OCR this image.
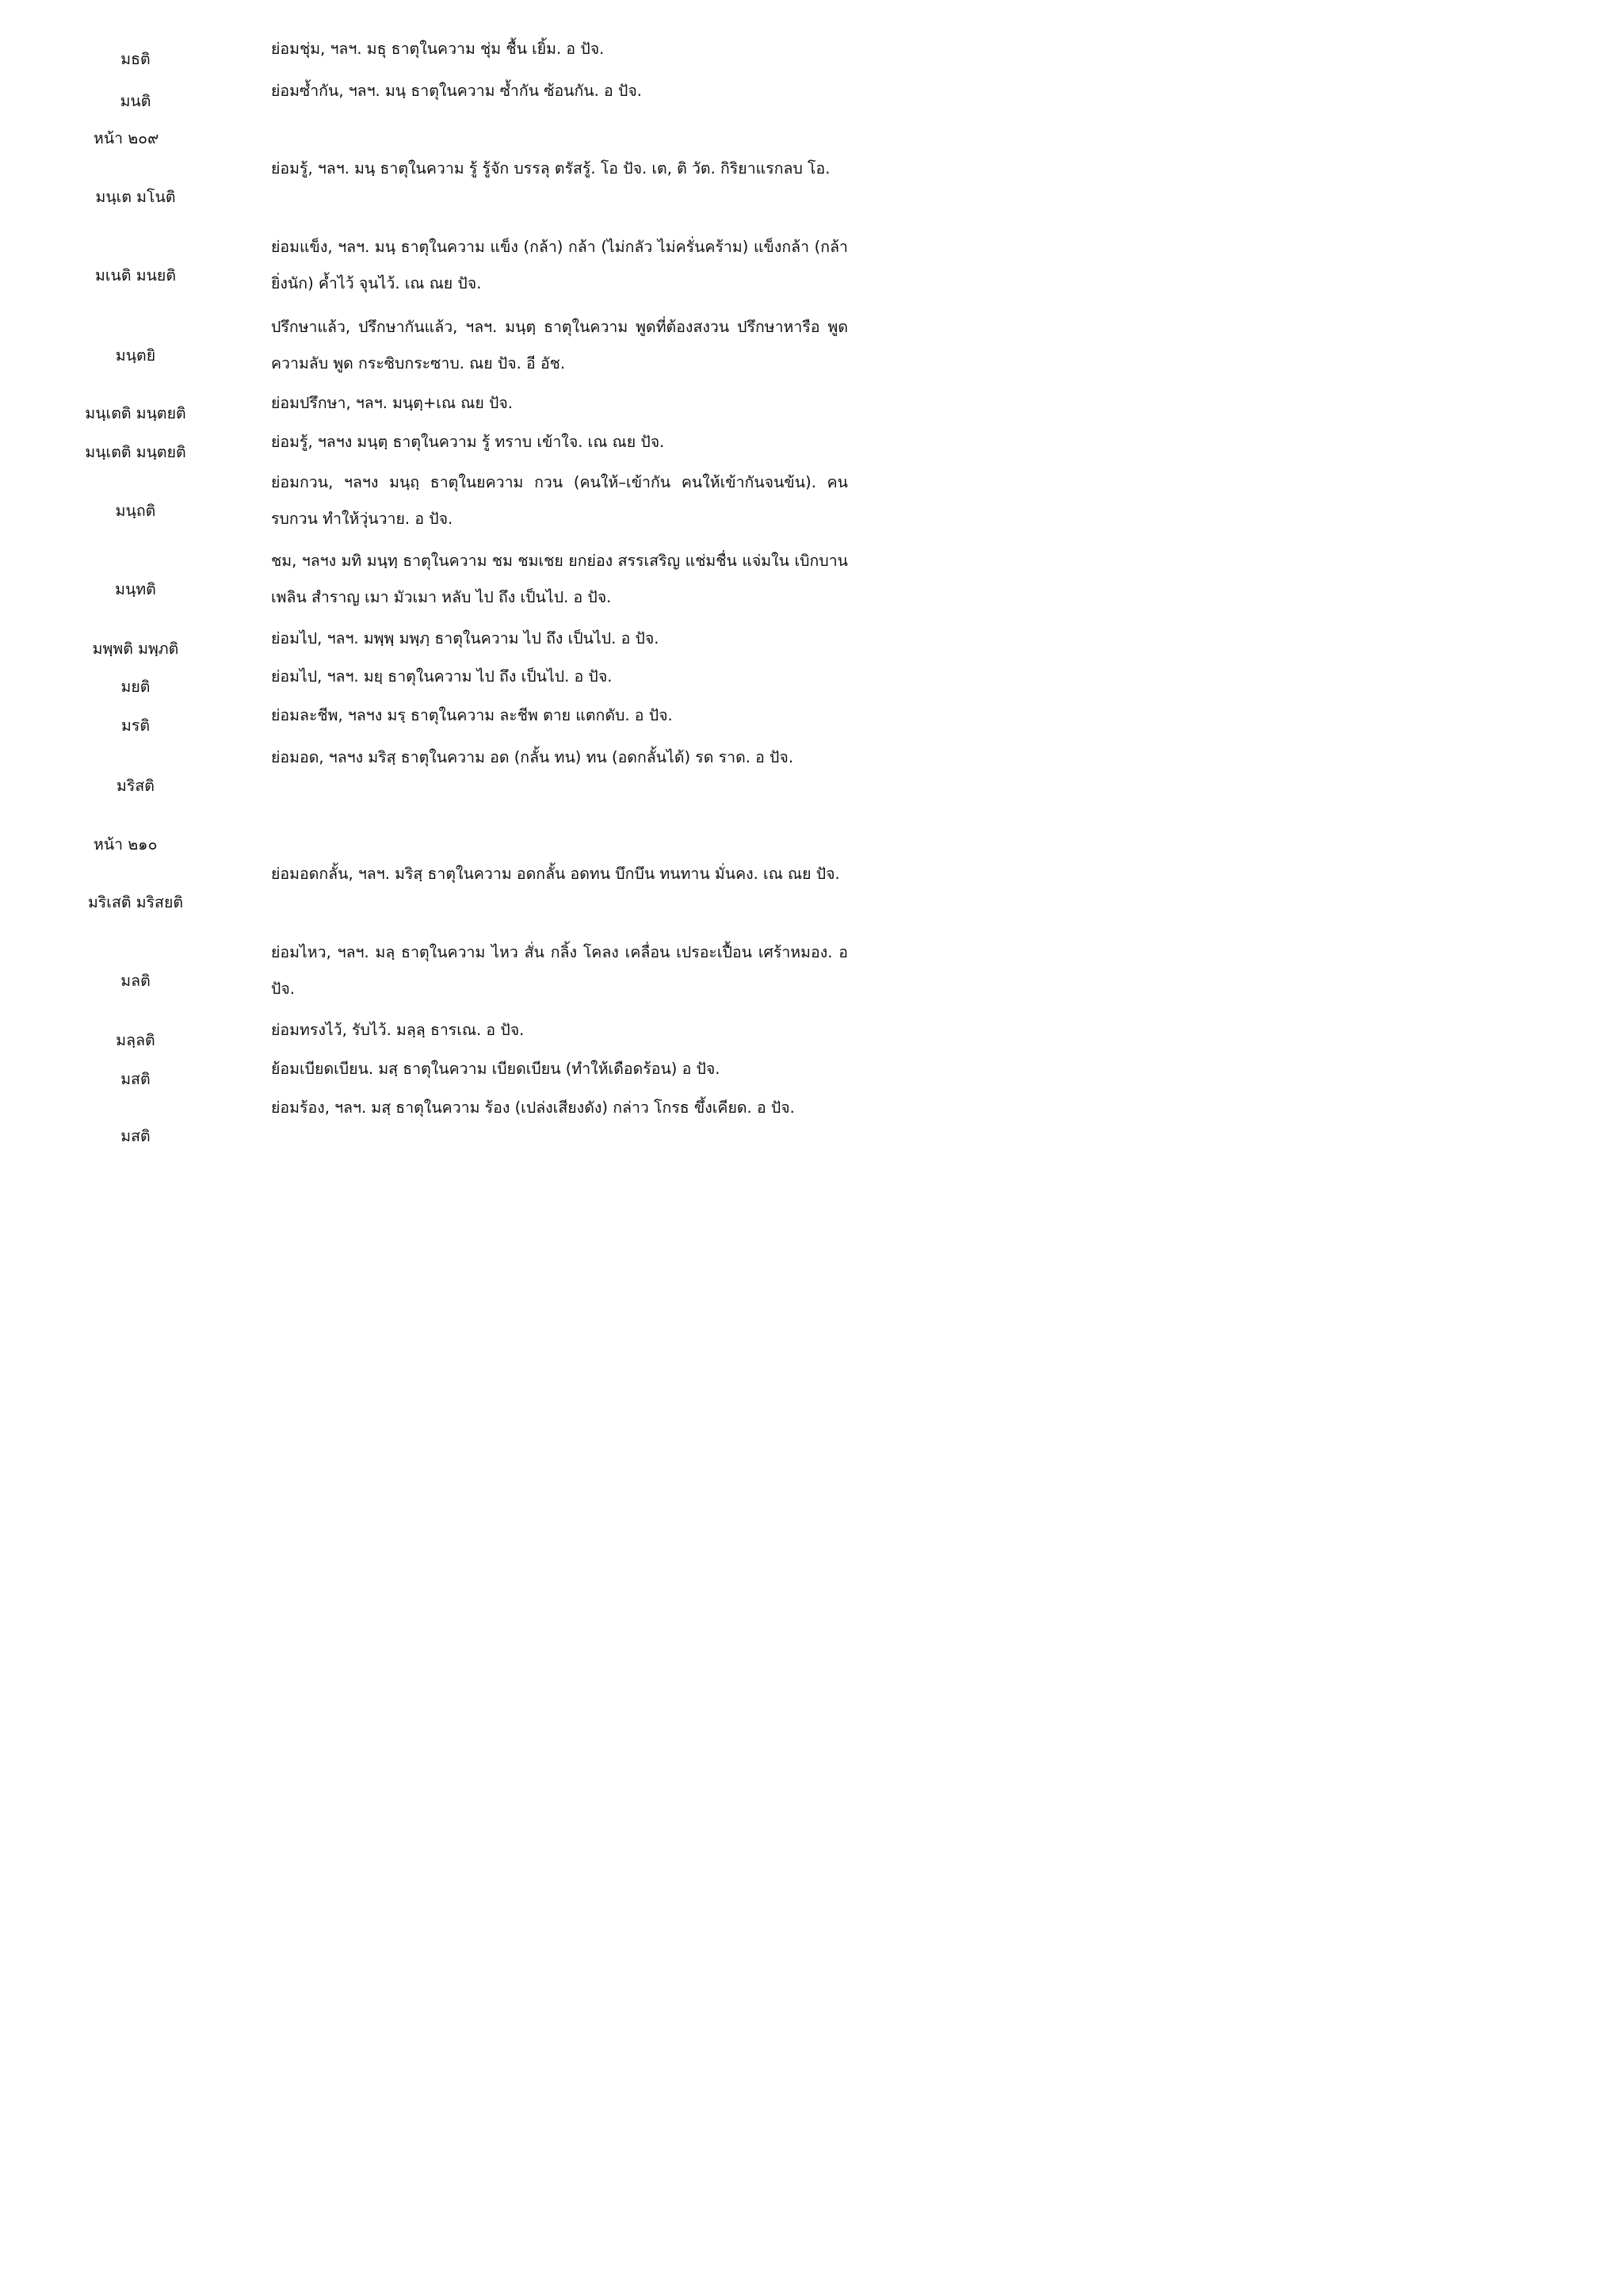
มธติ
ย่อมชุ่ม, ฯลฯ. มธุ ธาตุในความ ชุ่ม ชื้น เยิ้ม. อ ปัจ.
มนติ
ย่อมซ้ำกัน, ฯลฯ. มนฺ ธาตุในความ ซ้ำกัน ซ้อนกัน. อ ปัจ.
หน้า ๒๐๙
มนฺเต มโนติ
ย่อมรู้, ฯลฯ. มนฺ ธาตุในความ รู้ รู้จัก บรรลุ ตรัสรู้. โอ ปัจ. เต, ติ วัต. กิริยาแรกลบ โอ.
มเนติ มนยติ
ย่อมแข็ง, ฯลฯ. มนฺ ธาตุในความ แข็ง (กล้า) กล้า (ไม่กลัว ไม่ครั่นคร้าม) แข็งกล้า (กล้ายิ่งนัก) ค้ำไว้ จุนไว้. เณ ณย ปัจ.
มนฺตยิ
ปรึกษาแล้ว, ปรึกษากันแล้ว, ฯลฯ. มนฺตฺ ธาตุในความ พูดที่ต้องสงวน ปรึกษาหารือ พูดความลับ พูด กระซิบกระซาบ. ณย ปัจ. อี อัช.
มนฺเตติ มนฺตยติ
ย่อมปรึกษา, ฯลฯ. มนฺตฺ+เณ ณย ปัจ.
มนฺเตติ มนฺตยติ
ย่อมรู้, ฯลฯง มนฺตฺ ธาตุในความ รู้ ทราบ เข้าใจ. เณ ณย ปัจ.
มนฺถติ
ย่อมกวน, ฯลฯง มนฺถฺ ธาตุในยความ กวน (คนให้–เข้ากัน คนให้เข้ากันจนข้น). คน รบกวน ทำให้วุ่นวาย. อ ปัจ.
มนฺทติ
ชม, ฯลฯง มทิ มนฺทฺ ธาตุในความ ชม ชมเชย ยกย่อง สรรเสริญ แช่มชื่น แจ่มใน เบิกบาน เพลิน สำราญ เมา มัวเมา หลับ ไป ถึง เป็นไป. อ ปัจ.
มพฺพติ มพฺภติ
ย่อมไป, ฯลฯ. มพฺพฺ มพฺภฺ ธาตุในความ ไป ถึง เป็นไป. อ ปัจ.
มยติ
ย่อมไป, ฯลฯ. มยฺ ธาตุในความ ไป ถึง เป็นไป. อ ปัจ.
มรติ
ย่อมละชีพ, ฯลฯง มรฺ ธาตุในความ ละชีพ ตาย แตกดับ. อ ปัจ.
มริสติ
ย่อมอด, ฯลฯง มริสฺ ธาตุในความ อด (กลั้น ทน) ทน (อดกลั้นได้) รด ราด. อ ปัจ.
หน้า ๒๑๐
มริเสติ มริสยติ
ย่อมอดกลั้น, ฯลฯ. มริสฺ ธาตุในความ อดกลั้น อดทน บึกบึน ทนทาน มั่นคง. เณ ณย ปัจ.
มลติ
ย่อมไหว, ฯลฯ. มลฺ ธาตุในความ ไหว สั่น กลิ้ง โคลง เคลื่อน เปรอะเปื้อน เศร้าหมอง. อ ปัจ.
มลฺลติ
ย่อมทรงไว้, รับไว้. มลฺลฺ ธารเณ. อ ปัจ.
มสติ
ย้อมเบียดเบียน. มสฺ ธาตุในความ เบียดเบียน (ทำให้เดือดร้อน) อ ปัจ.
มสติ
ย่อมร้อง, ฯลฯ. มสฺ ธาตุในความ ร้อง (เปล่งเสียงดัง) กล่าว โกรธ ขึ้งเคียด. อ ปัจ.
